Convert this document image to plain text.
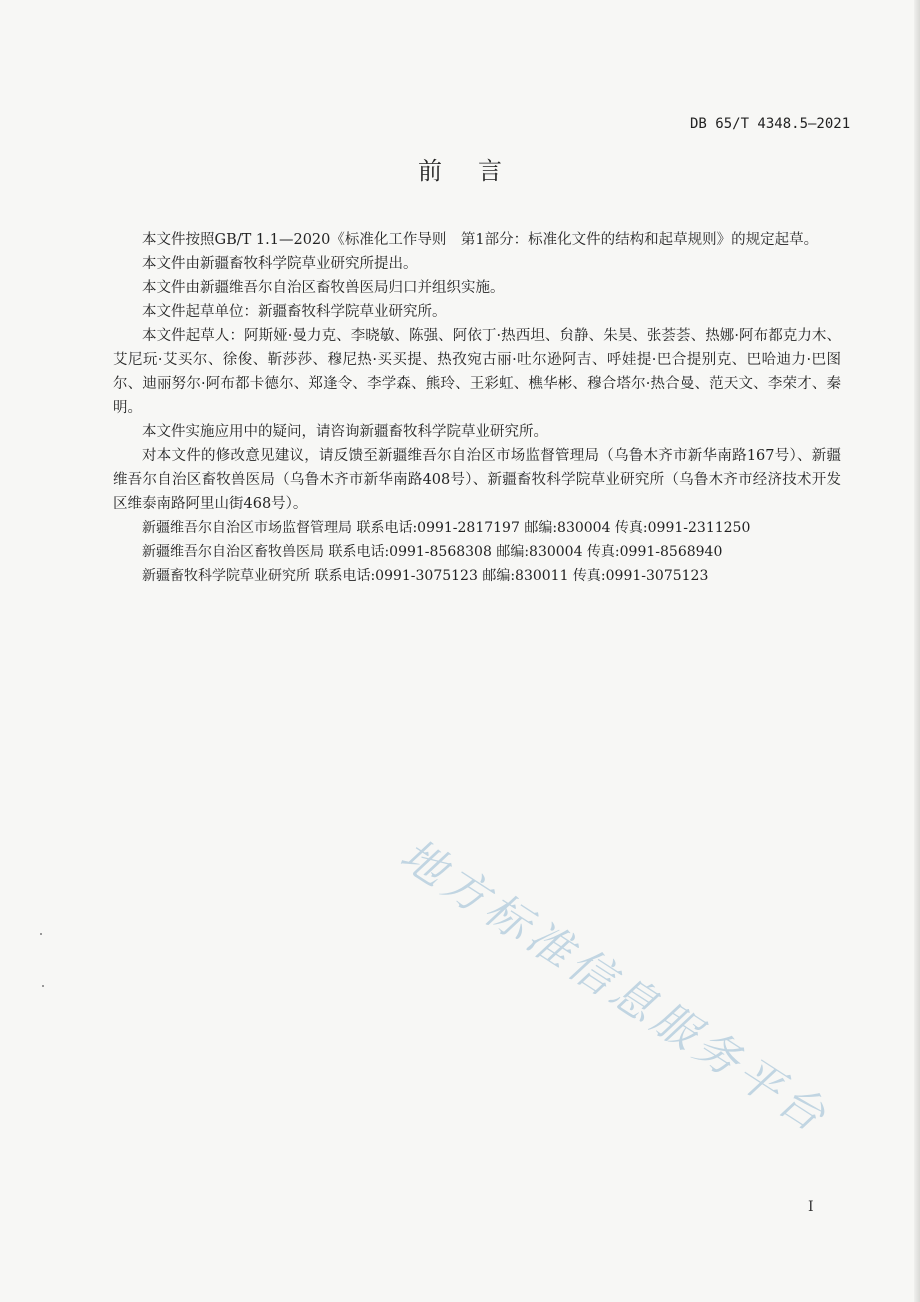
DB 65/T 4348.5—2021
前言

本文件按照GB/T 1.1—2020《标准化工作导则　第1部分：标准化文件的结构和起草规则》的规定起草。

本文件由新疆畜牧科学院草业研究所提出。

本文件由新疆维吾尔自治区畜牧兽医局归口并组织实施。

本文件起草单位：新疆畜牧科学院草业研究所。

本文件起草人：阿斯娅·曼力克、李晓敏、陈强、阿依丁·热西坦、贠静、朱昊、张荟荟、热娜·阿布都克力木、艾尼玩·艾买尔、徐俊、靳莎莎、穆尼热·买买提、热孜宛古丽·吐尔逊阿吉、呼娃提·巴合提别克、巴哈迪力·巴图尔、迪丽努尔·阿布都卡德尔、郑逢令、李学森、熊玲、王彩虹、樵华彬、穆合塔尔·热合曼、范天文、李荣才、秦明。

本文件实施应用中的疑问，请咨询新疆畜牧科学院草业研究所。

对本文件的修改意见建议，请反馈至新疆维吾尔自治区市场监督管理局（乌鲁木齐市新华南路167号）、新疆维吾尔自治区畜牧兽医局（乌鲁木齐市新华南路408号）、新疆畜牧科学院草业研究所（乌鲁木齐市经济技术开发区维泰南路阿里山街468号）。

新疆维吾尔自治区市场监督管理局 联系电话:0991-2817197 邮编:830004 传真:0991-2311250

新疆维吾尔自治区畜牧兽医局 联系电话:0991-8568308 邮编:830004 传真:0991-8568940

新疆畜牧科学院草业研究所 联系电话:0991-3075123 邮编:830011 传真:0991-3075123

地方标准信息服务平台
I
